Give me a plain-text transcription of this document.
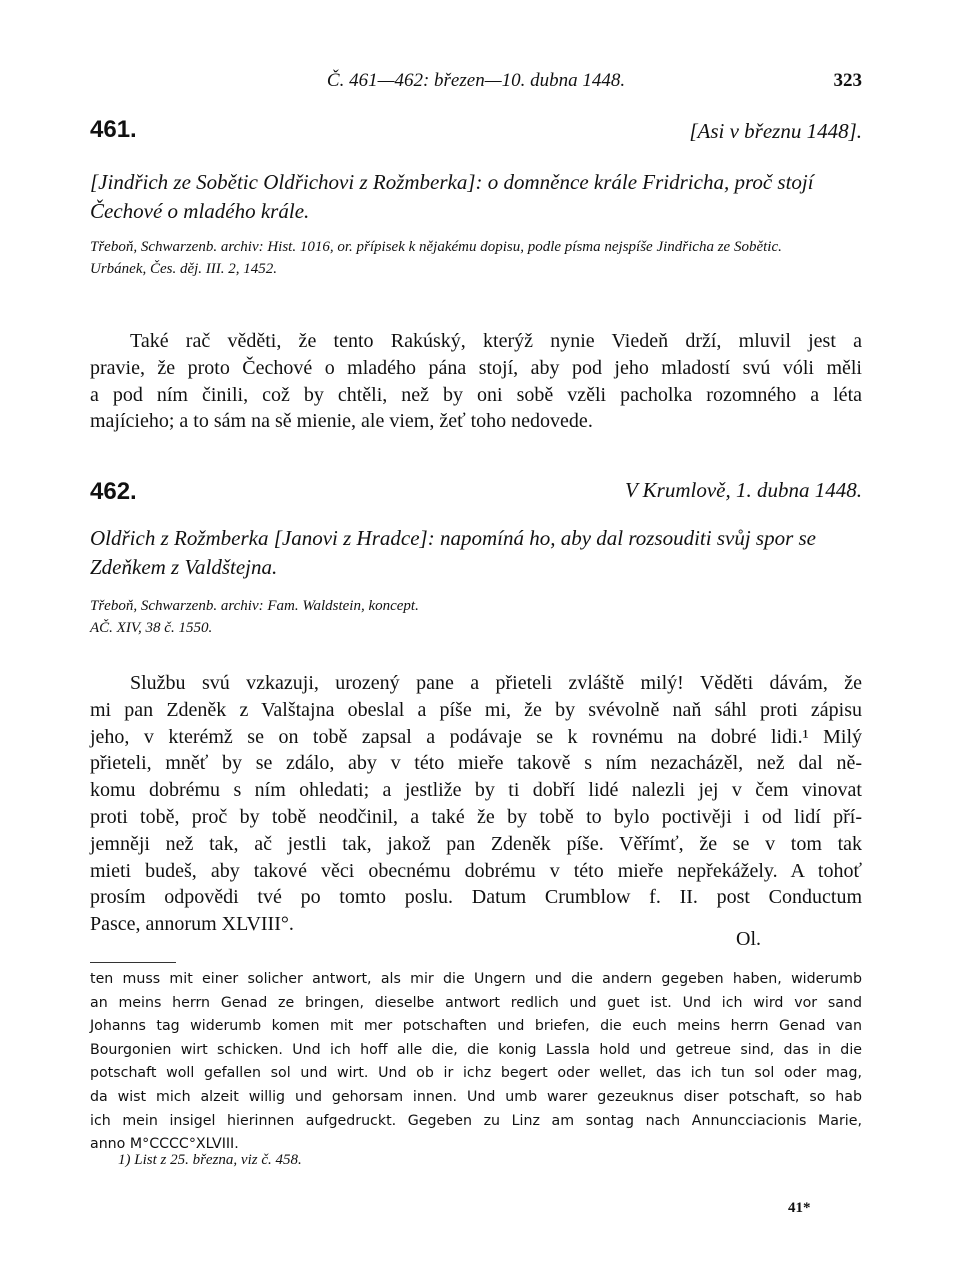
Č. 461—462: březen—10. dubna 1448.	323
461.	[Asi v březnu 1448].
[Jindřich ze Sobětic Oldřichovi z Rožmberka]: o domněnce krále Fridricha, proč stojí Čechové o mladého krále.
Třeboň, Schwarzenb. archiv: Hist. 1016, or. přípisek k nějakému dopisu, podle písma nejspíše Jindřicha ze Sobětic.
Urbánek, Čes. děj. III. 2, 1452.
Také rač věděti, že tento Rakúský, kterýž nynie Viedeň drží, mluvil jest a
pravie, že proto Čechové o mladého pána stojí, aby pod jeho mladostí svú vóli měli
a pod ním činili, což by chtěli, než by oni sobě vzěli pacholka rozomného a léta
majícieho; a to sám na sě mienie, ale viem, žeť toho nedovede.
462.	V Krumlově, 1. dubna 1448.
Oldřich z Rožmberka [Janovi z Hradce]: napomíná ho, aby dal rozsouditi svůj spor se Zdeňkem z Valdštejna.
Třeboň, Schwarzenb. archiv: Fam. Waldstein, koncept.
AČ. XIV, 38 č. 1550.
Službu svú vzkazuji, urozený pane a přieteli zvláště milý! Věděti dávám, že
mi pan Zdeněk z Valštajna obeslal a píše mi, že by svévolně naň sáhl proti zápisu
jeho, v kterémž se on tobě zapsal a podávaje se k rovnému na dobré lidi.¹ Milý
přieteli, mněť by se zdálo, aby v této mieře takově s ním nezacházěl, než dal ně-
komu dobrému s ním ohledati; a jestliže by ti dobří lidé nalezli jej v čem vinovat
proti tobě, proč by tobě neodčinil, a také že by tobě to bylo poctivěji i od lidí pří-
jemněji než tak, ač jestli tak, jakož pan Zdeněk píše. Věřímť, že se v tom tak
mieti budeš, aby takové věci obecnému dobrému v této mieře nepřekážely. A tohoť
prosím odpovědi tvé po tomto poslu. Datum Crumblow f. II. post Conductum
Pasce, annorum XLVIII°.
Ol.
ten muss mit einer solicher antwort, als mir die Ungern und die andern gegeben haben, widerumb
an meins herrn Genad ze bringen, dieselbe antwort redlich und guet ist. Und ich wird vor sand
Johanns tag widerumb komen mit mer potschaften und briefen, die euch meins herrn Genad van
Bourgonien wirt schicken. Und ich hoff alle die, die konig Lassla hold und getreue sind, das in die
potschaft woll gefallen sol und wirt. Und ob ir ichz begert oder wellet, das ich tun sol oder mag,
da wist mich alzeit willig und gehorsam innen. Und umb warer gezeuknus diser potschaft, so hab
ich mein insigel hierinnen aufgedruckt. Gegeben zu Linz am sontag nach Annuncciacionis Marie,
anno M°CCCC°XLVIII.
1) List z 25. března, viz č. 458.
41*
